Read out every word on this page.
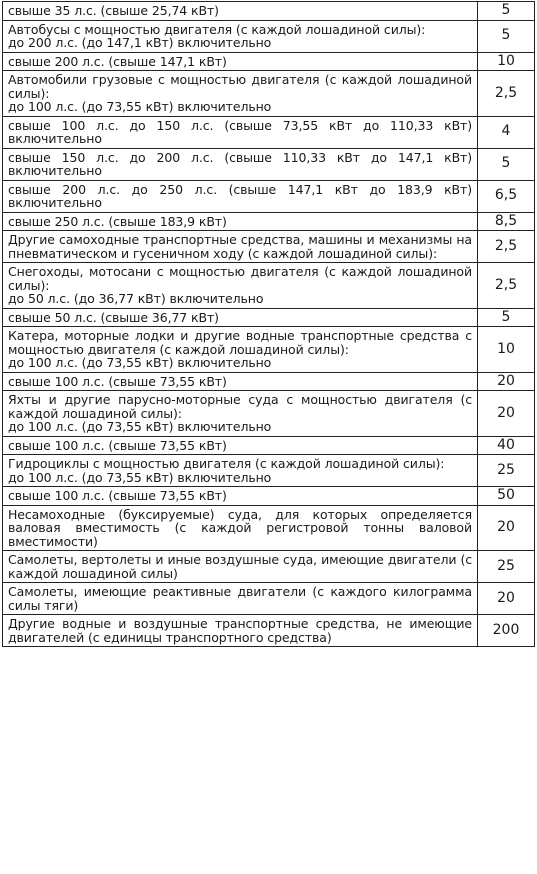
свыше 35 л.с. (свыше 25,74 кВт)	5
Автобусы с мощностью двигателя (с каждой лошадиной силы):
до 200 л.с. (до 147,1 кВт) включительно	5
свыше 200 л.с. (свыше 147,1 кВт)	10
Автомобили грузовые с мощностью двигателя (с каждой лошадиной силы):
до 100 л.с. (до 73,55 кВт) включительно	2,5
свыше 100 л.с. до 150 л.с. (свыше 73,55 кВт до 110,33 кВт) включительно	4
свыше 150 л.с. до 200 л.с. (свыше 110,33 кВт до 147,1 кВт) включительно	5
свыше 200 л.с. до 250 л.с. (свыше 147,1 кВт до 183,9 кВт) включительно	6,5
свыше 250 л.с. (свыше 183,9 кВт)	8,5
Другие самоходные транспортные средства, машины и механизмы на пневматическом и гусеничном ходу (с каждой лошадиной силы):	2,5
Снегоходы, мотосани с мощностью двигателя (с каждой лошадиной силы):
до 50 л.с. (до 36,77 кВт) включительно	2,5
свыше 50 л.с. (свыше 36,77 кВт)	5
Катера, моторные лодки и другие водные транспортные средства с мощностью двигателя (с каждой лошадиной силы):
до 100 л.с. (до 73,55 кВт) включительно	10
свыше 100 л.с. (свыше 73,55 кВт)	20
Яхты и другие парусно-моторные суда с мощностью двигателя (с каждой лошадиной силы):
до 100 л.с. (до 73,55 кВт) включительно	20
свыше 100 л.с. (свыше 73,55 кВт)	40
Гидроциклы с мощностью двигателя (с каждой лошадиной силы):
до 100 л.с. (до 73,55 кВт) включительно	25
свыше 100 л.с. (свыше 73,55 кВт)	50
Несамоходные (буксируемые) суда, для которых определяется валовая вместимость (с каждой регистровой тонны валовой вместимости)	20
Самолеты, вертолеты и иные воздушные суда, имеющие двигатели (с каждой лошадиной силы)	25
Самолеты, имеющие реактивные двигатели (с каждого килограмма силы тяги)	20
Другие водные и воздушные транспортные средства, не имеющие двигателей (с единицы транспортного средства)	200
